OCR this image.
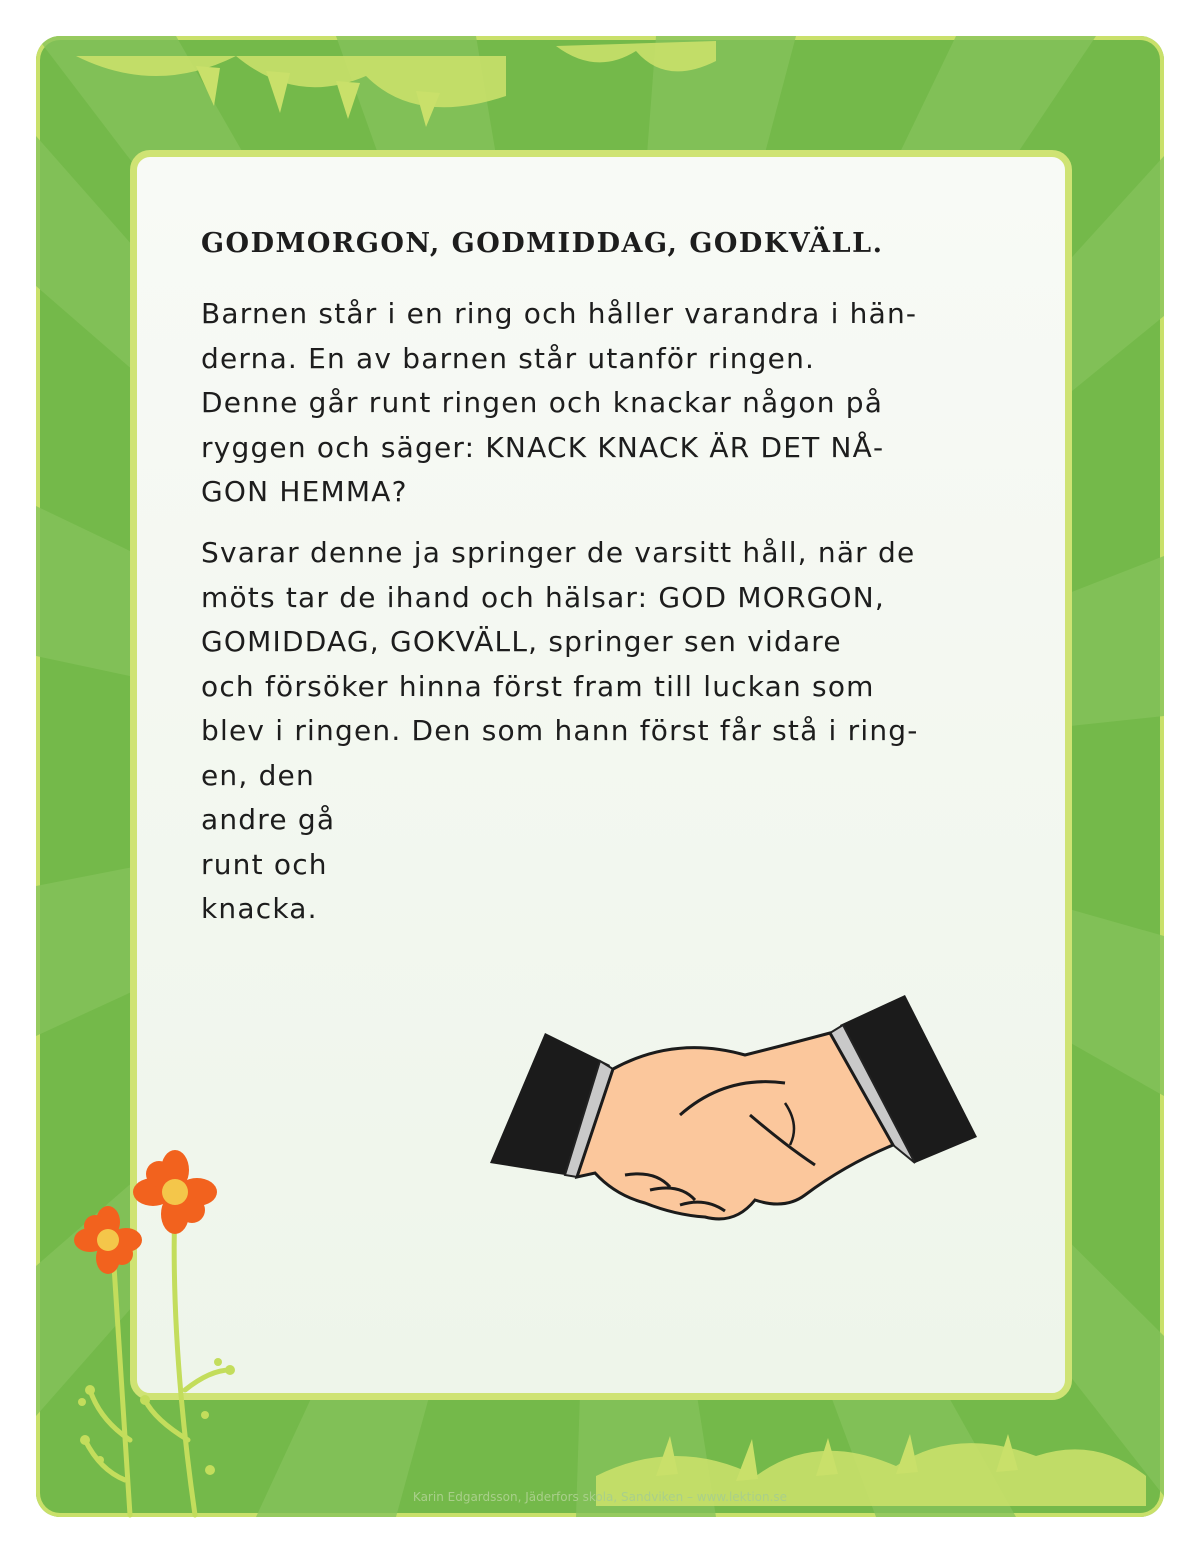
GODMORGON, GODMIDDAG, GODKVÄLL.

Barnen står i en ring och håller varandra i hän-
derna. En av barnen står utanför ringen.
Denne går runt ringen och knackar någon på
ryggen och säger: KNACK KNACK ÄR DET NÅ-
GON HEMMA?

Svarar denne ja springer de varsitt håll, när de
möts tar de ihand och hälsar: GOD MORGON,
GOMIDDAG, GOKVÄLL, springer sen vidare
och försöker hinna först fram till luckan som
blev i ringen. Den som hann först får stå i ring-
en, den
andre gå
runt och
knacka.

Karin Edgardsson, Jäderfors skola, Sandviken – www.lektion.se
